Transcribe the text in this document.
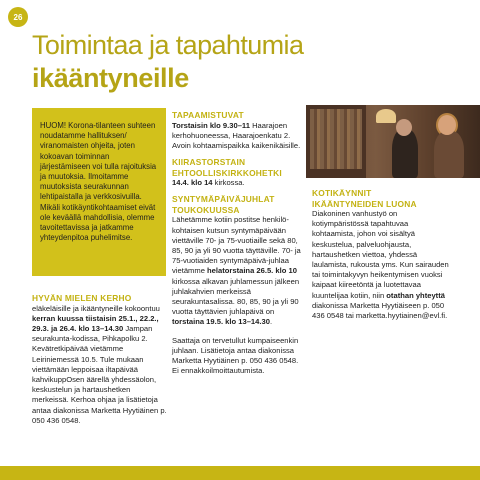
26
Toimintaa ja tapahtumia
ikääntyneille

HUOM! Korona-tilanteen suhteen noudatamme hallituksen/ viranomaisten ohjeita, joten kokoavan toiminnan järjestämiseen voi tulla rajoituksia ja muutoksia. Ilmoitamme muutoksista seurakunnan lehtipaistalla ja verkkosivuilla. Mikäli kotikäyntikohtaamiset eivät ole keväällä mahdollisia, olemme tavoitettavissa ja jatkamme yhteydenpitoa puhelimitse.

HYVÄN MIELEN KERHO

eläkeläisille ja ikääntyneille kokoontuu kerran kuussa tiistaisin 25.1., 22.2., 29.3. ja 26.4. klo 13–14.30 Jampan seurakunta-kodissa, Pihkapolku 2. Kevätretkipäivää vietämme Leiriniemessä 10.5. Tule mukaan viettämään leppoisaa iltapäivää kahvikuppOsen äärellä yhdessäolon, keskustelun ja hartaushetken merkeissä. Kerhoa ohjaa ja lisätietoja antaa diakonissa Marketta Hyytiäinen p. 050 436 0548.

TAPAAMISTUVAT

Torstaisin klo 9.30–11 Haarajoen kerhohuoneessa, Haarajoenkatu 2. Avoin kohtaamispaikka kaikenikäisille.

KIIRASTORSTAIN
EHTOOLLISKIRKKOHETKI

14.4. klo 14 kirkossa.

SYNTYMÄPÄIVÄJUHLAT
TOUKOKUUSSA

Lähetämme kotiin postitse henkilö-kohtaisen kutsun syntymäpäivään viettäville 70- ja 75-vuotiaille sekä 80, 85, 90 ja yli 90 vuotta täyttäville. 70- ja 75-vuotiaiden syntymäpäivä-juhlaa vietämme helatorstaina 26.5. klo 10 kirkossa alkavan juhlamessun jälkeen juhlakahvien merkeissä seurakuntasalissa. 80, 85, 90 ja yli 90 vuotta täyttävien juhlapäivä on torstaina 19.5. klo 13–14.30.

Saattaja on tervetullut kumpaiseenkin juhlaan. Lisätietoja antaa diakonissa Marketta Hyytiäinen p. 050 436 0548. Ei ennakkoilmoittautumista.

KOTIKÄYNNIT
IKÄÄNTYNEIDEN LUONA

Diakoninen vanhustyö on kotiympäristössä tapahtuvaa kohtaamista, johon voi sisältyä keskustelua, palveluohjausta, hartaushetken viettoa, yhdessä laulamista, rukousta yms. Kun sairauden tai toimintakyvyn heikentymisen vuoksi kaipaat kiireetöntä ja luotettavaa kuuntelijaa kotiin, niin otathan yhteyttä diakonissa Marketta Hyytiäiseen p. 050 436 0548 tai marketta.hyytiainen@evl.fi.
